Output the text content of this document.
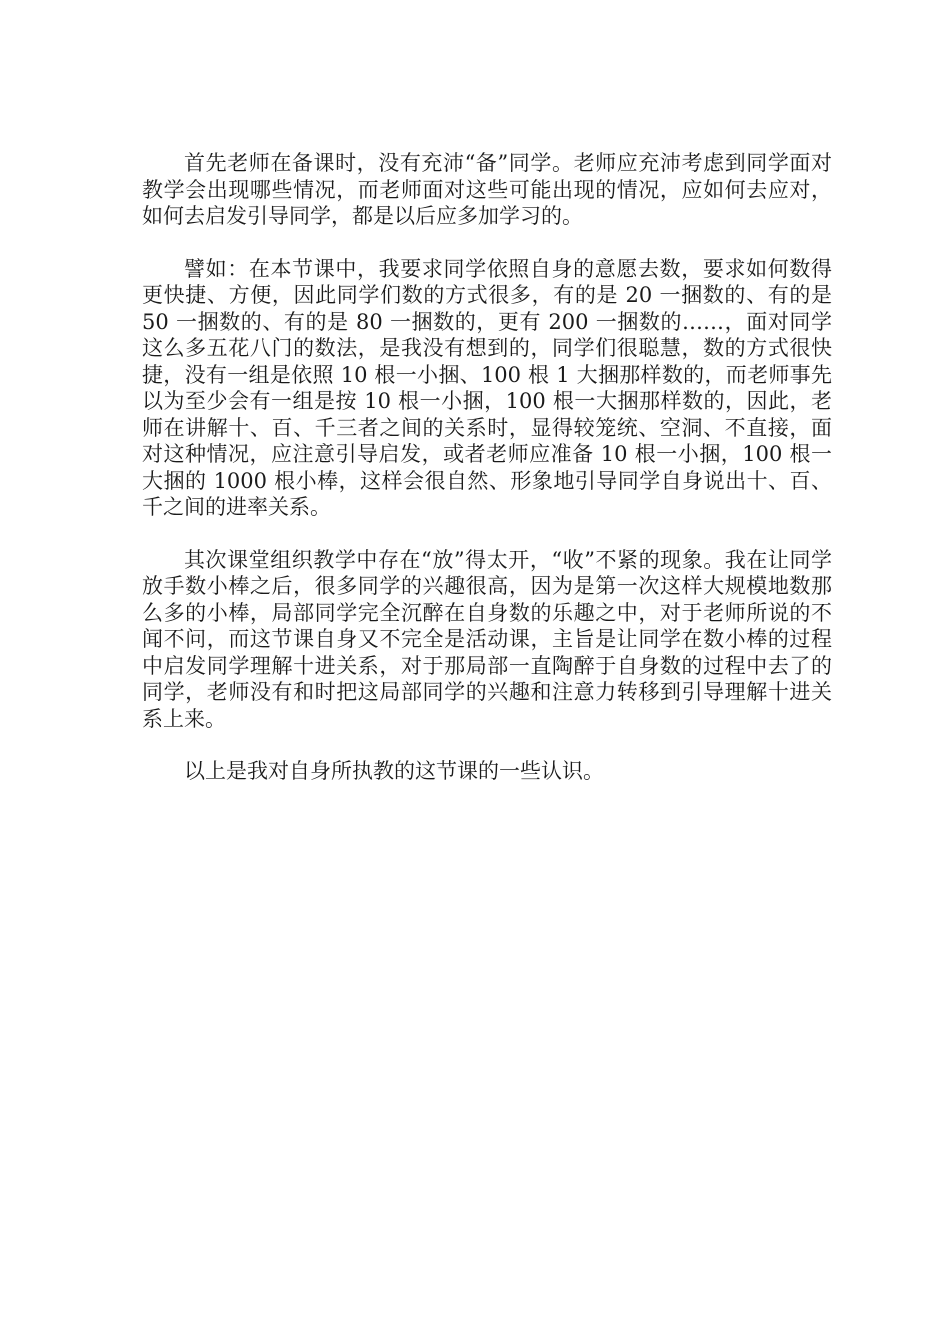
首先老师在备课时，没有充沛“备”同学。老师应充沛考虑到同学面对教学会出现哪些情况，而老师面对这些可能出现的情况，应如何去应对，如何去启发引导同学，都是以后应多加学习的。

譬如：在本节课中，我要求同学依照自身的意愿去数，要求如何数得更快捷、方便，因此同学们数的方式很多，有的是 20 一捆数的、有的是 50 一捆数的、有的是 80 一捆数的，更有 200 一捆数的……，面对同学这么多五花八门的数法，是我没有想到的，同学们很聪慧，数的方式很快捷，没有一组是依照 10 根一小捆、100 根 1 大捆那样数的，而老师事先以为至少会有一组是按 10 根一小捆，100 根一大捆那样数的，因此，老师在讲解十、百、千三者之间的关系时，显得较笼统、空洞、不直接，面对这种情况，应注意引导启发，或者老师应准备 10 根一小捆，100 根一大捆的 1000 根小棒，这样会很自然、形象地引导同学自身说出十、百、千之间的进率关系。

其次课堂组织教学中存在“放”得太开，“收”不紧的现象。我在让同学放手数小棒之后，很多同学的兴趣很高，因为是第一次这样大规模地数那么多的小棒，局部同学完全沉醉在自身数的乐趣之中，对于老师所说的不闻不问，而这节课自身又不完全是活动课，主旨是让同学在数小棒的过程中启发同学理解十进关系，对于那局部一直陶醉于自身数的过程中去了的同学，老师没有和时把这局部同学的兴趣和注意力转移到引导理解十进关系上来。

以上是我对自身所执教的这节课的一些认识。
